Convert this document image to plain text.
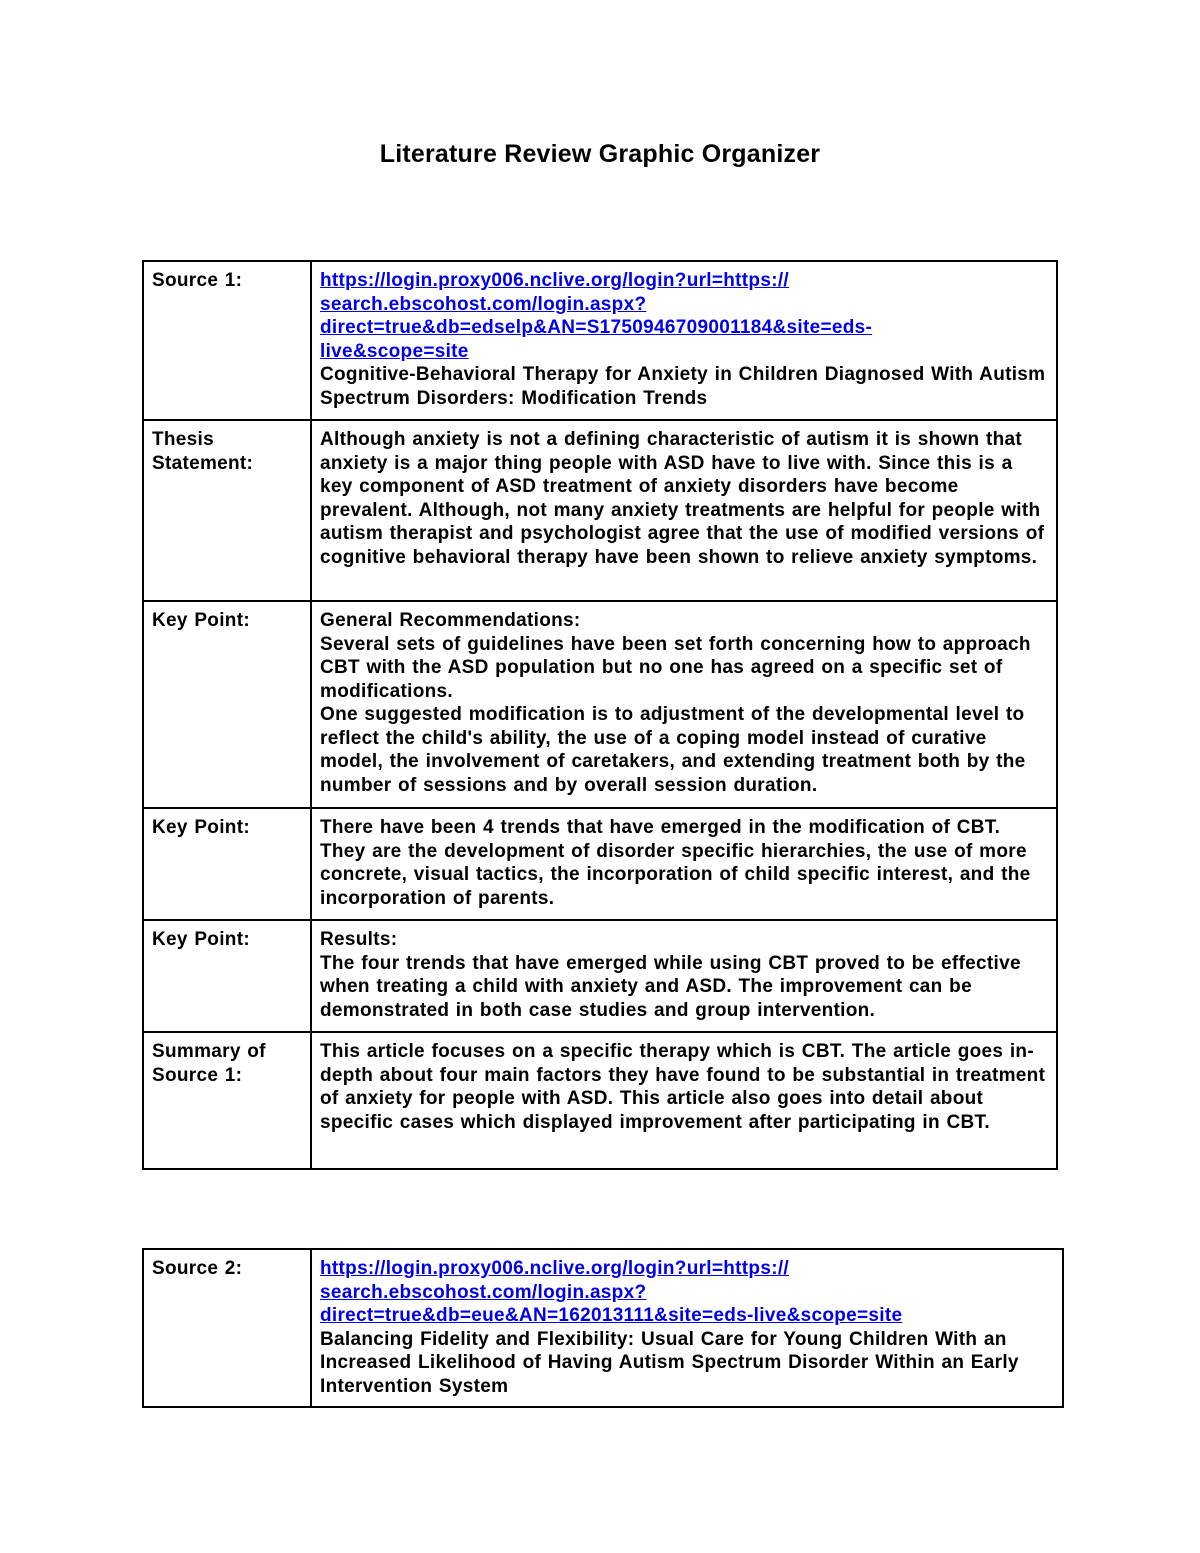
Literature Review Graphic Organizer
Source 1:	https://login.proxy006.nclive.org/login?url=https://
search.ebscohost.com/login.aspx?
direct=true&db=edselp&AN=S1750946709001184&site=eds-
live&scope=site
Cognitive-Behavioral Therapy for Anxiety in Children Diagnosed With Autism Spectrum Disorders: Modification Trends

Thesis Statement:	Although anxiety is not a defining characteristic of autism it is shown that anxiety is a major thing people with ASD have to live with. Since this is a key component of ASD treatment of anxiety disorders have become prevalent. Although, not many anxiety treatments are helpful for people with autism therapist and psychologist agree that the use of modified versions of cognitive behavioral therapy have been shown to relieve anxiety symptoms.
Key Point:	General Recommendations:
Several sets of guidelines have been set forth concerning how to approach CBT with the ASD population but no one has agreed on a specific set of modifications.
One suggested modification is to adjustment of the developmental level to reflect the child's ability, the use of a coping model instead of curative model, the involvement of caretakers, and extending treatment both by the number of sessions and by overall session duration.

Key Point:	There have been 4 trends that have emerged in the modification of CBT. They are the development of disorder specific hierarchies, the use of more concrete, visual tactics, the incorporation of child specific interest, and the incorporation of parents.

Key Point:	Results:
The four trends that have emerged while using CBT proved to be effective when treating a child with anxiety and ASD. The improvement can be demonstrated in both case studies and group intervention.

Summary of Source 1:	This article focuses on a specific therapy which is CBT. The article goes in-depth about four main factors they have found to be substantial in treatment of anxiety for people with ASD. This article also goes into detail about specific cases which displayed improvement after participating in CBT.
Source 2:	https://login.proxy006.nclive.org/login?url=https://
search.ebscohost.com/login.aspx?
direct=true&db=eue&AN=162013111&site=eds-live&scope=site
Balancing Fidelity and Flexibility: Usual Care for Young Children With an Increased Likelihood of Having Autism Spectrum Disorder Within an Early Intervention System
